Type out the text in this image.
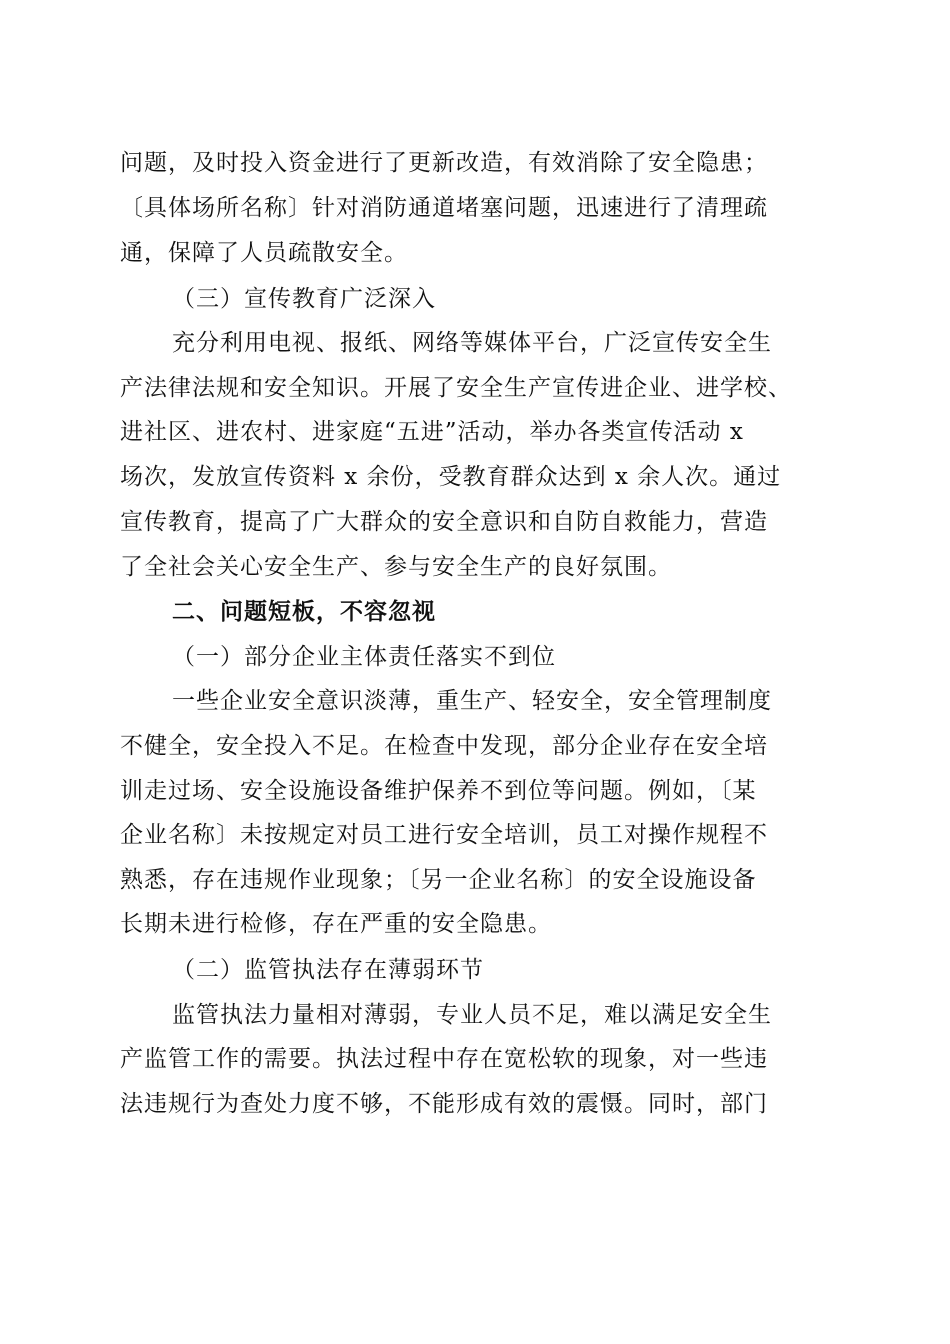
问题，及时投入资金进行了更新改造，有效消除了安全隐患；
〔具体场所名称〕针对消防通道堵塞问题，迅速进行了清理疏
通，保障了人员疏散安全。
（三）宣传教育广泛深入
充分利用电视、报纸、网络等媒体平台，广泛宣传安全生
产法律法规和安全知识。开展了安全生产宣传进企业、进学校、
进社区、进农村、进家庭“五进”活动，举办各类宣传活动 x
场次，发放宣传资料 x 余份，受教育群众达到 x 余人次。通过
宣传教育，提高了广大群众的安全意识和自防自救能力，营造
了全社会关心安全生产、参与安全生产的良好氛围。
二、问题短板，不容忽视
（一）部分企业主体责任落实不到位
一些企业安全意识淡薄，重生产、轻安全，安全管理制度
不健全，安全投入不足。在检查中发现，部分企业存在安全培
训走过场、安全设施设备维护保养不到位等问题。例如，〔某
企业名称〕未按规定对员工进行安全培训，员工对操作规程不
熟悉，存在违规作业现象；〔另一企业名称〕的安全设施设备
长期未进行检修，存在严重的安全隐患。
（二）监管执法存在薄弱环节
监管执法力量相对薄弱，专业人员不足，难以满足安全生
产监管工作的需要。执法过程中存在宽松软的现象，对一些违
法违规行为查处力度不够，不能形成有效的震慑。同时，部门
